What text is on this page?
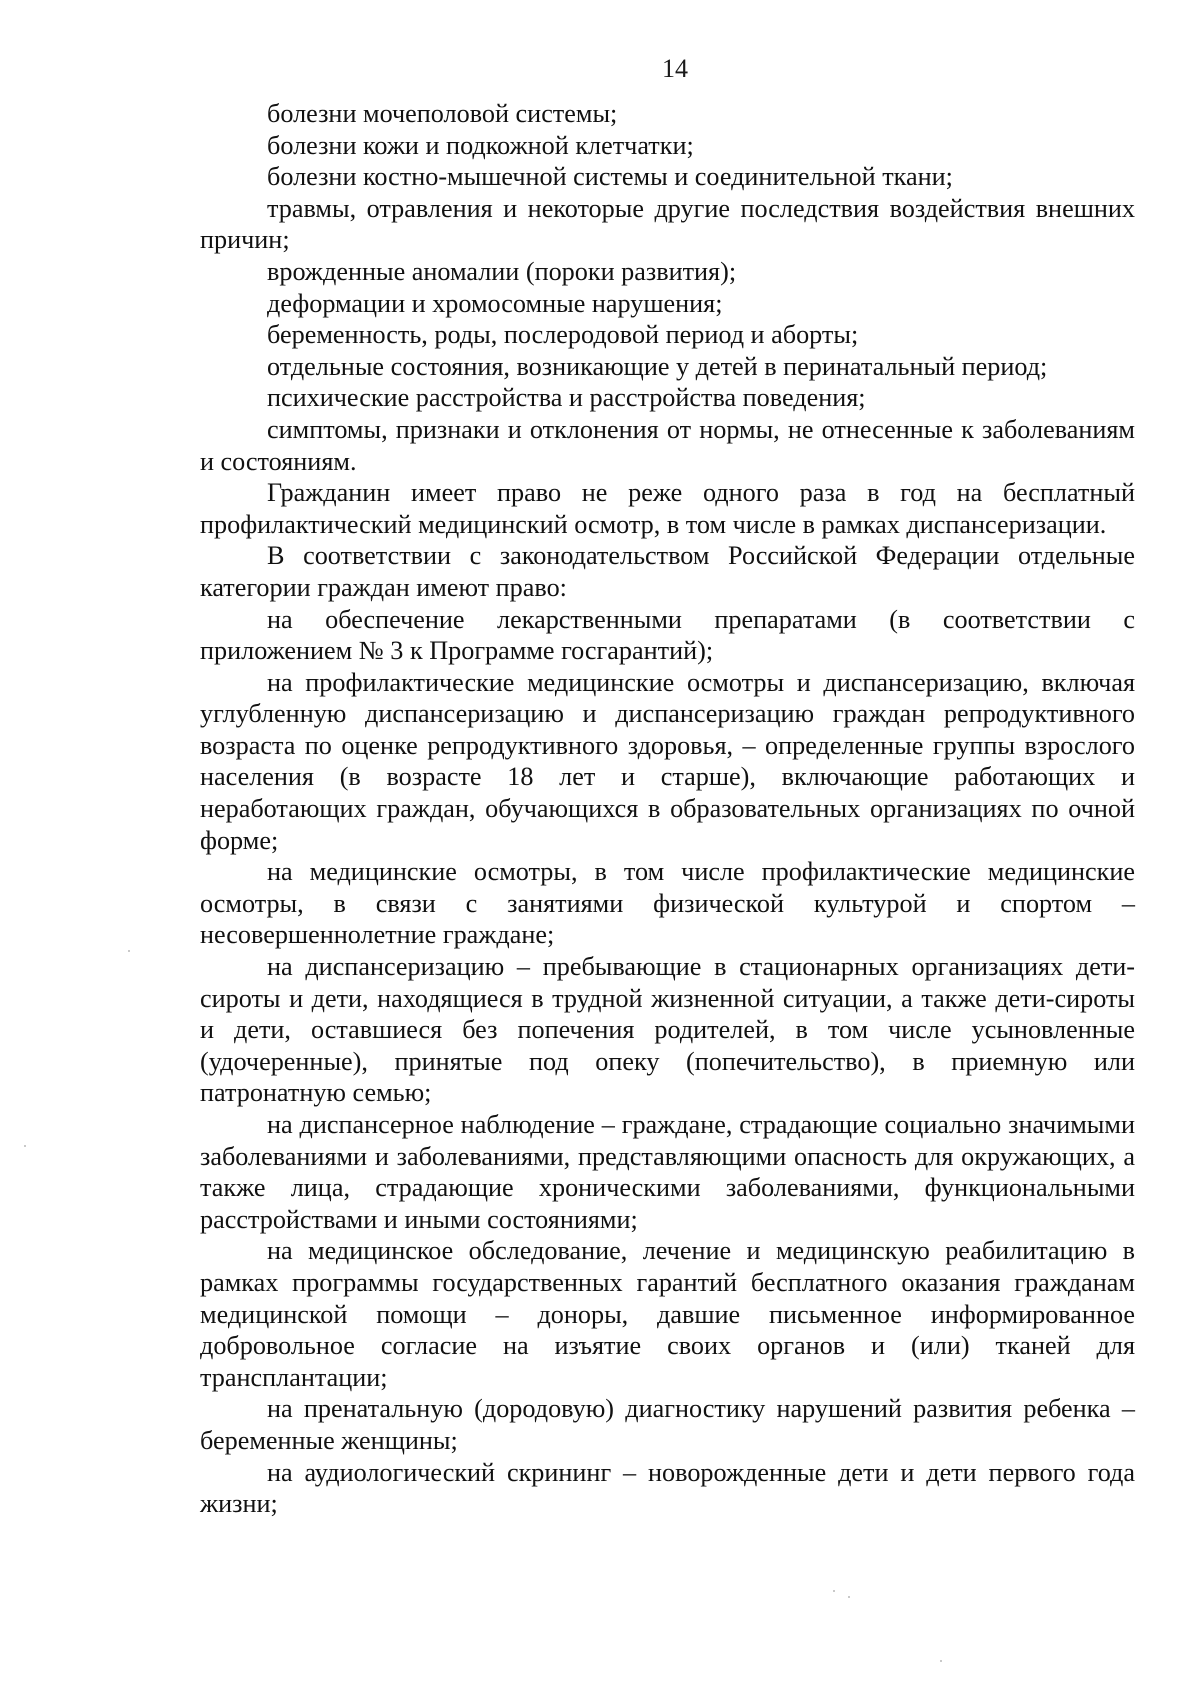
14

болезни мочеполовой системы;

болезни кожи и подкожной клетчатки;

болезни костно-мышечной системы и соединительной ткани;

травмы, отравления и некоторые другие последствия воздействия внешних причин;

врожденные аномалии (пороки развития);

деформации и хромосомные нарушения;

беременность, роды, послеродовой период и аборты;

отдельные состояния, возникающие у детей в перинатальный период;

психические расстройства и расстройства поведения;

симптомы, признаки и отклонения от нормы, не отнесенные к заболеваниям и состояниям.

Гражданин имеет право не реже одного раза в год на бесплатный профилактический медицинский осмотр, в том числе в рамках диспансеризации.

В соответствии с законодательством Российской Федерации отдельные категории граждан имеют право:

на обеспечение лекарственными препаратами (в соответствии с приложением № 3 к Программе госгарантий);

на профилактические медицинские осмотры и диспансеризацию, включая углубленную диспансеризацию и диспансеризацию граждан репродуктивного возраста по оценке репродуктивного здоровья, – определенные группы взрослого населения (в возрасте 18 лет и старше), включающие работающих и неработающих граждан, обучающихся в образовательных организациях по очной форме;

на медицинские осмотры, в том числе профилактические медицинские осмотры, в связи с занятиями физической культурой и спортом – несовершеннолетние граждане;

на диспансеризацию – пребывающие в стационарных организациях дети-сироты и дети, находящиеся в трудной жизненной ситуации, а также дети-сироты и дети, оставшиеся без попечения родителей, в том числе усыновленные (удочеренные), принятые под опеку (попечительство), в приемную или патронатную семью;

на диспансерное наблюдение – граждане, страдающие социально значимыми заболеваниями и заболеваниями, представляющими опасность для окружающих, а также лица, страдающие хроническими заболеваниями, функциональными расстройствами и иными состояниями;

на медицинское обследование, лечение и медицинскую реабилитацию в рамках программы государственных гарантий бесплатного оказания гражданам медицинской помощи – доноры, давшие письменное информированное добровольное согласие на изъятие своих органов и (или) тканей для трансплантации;

на пренатальную (дородовую) диагностику нарушений развития ребенка – беременные женщины;

на аудиологический скрининг – новорожденные дети и дети первого года жизни;
